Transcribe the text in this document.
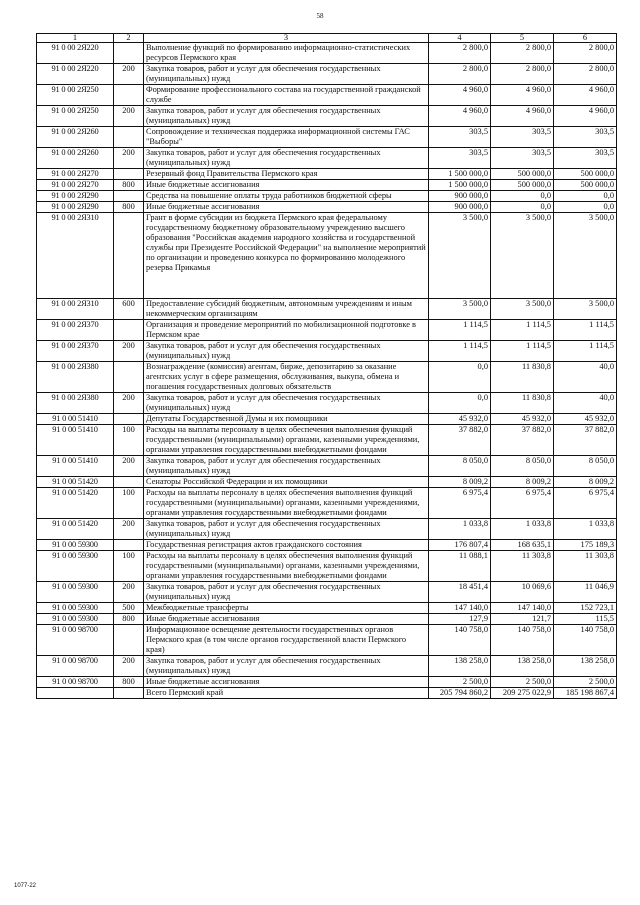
58
1	2	3	4	5	6
91 0 00 2Я220		Выполнение функций по формированию информационно-статистических ресурсов Пермского края	2 800,0	2 800,0	2 800,0
91 0 00 2Я220	200	Закупка товаров, работ и услуг для обеспечения государственных (муниципальных) нужд	2 800,0	2 800,0	2 800,0
91 0 00 2Я250		Формирование профессионального состава на государственной гражданской службе	4 960,0	4 960,0	4 960,0
91 0 00 2Я250	200	Закупка товаров, работ и услуг для обеспечения государственных (муниципальных) нужд	4 960,0	4 960,0	4 960,0
91 0 00 2Я260		Сопровождение и техническая поддержка информационной системы ГАС "Выборы"	303,5	303,5	303,5
91 0 00 2Я260	200	Закупка товаров, работ и услуг для обеспечения государственных (муниципальных) нужд	303,5	303,5	303,5
91 0 00 2Я270		Резервный фонд Правительства Пермского края	1 500 000,0	500 000,0	500 000,0
91 0 00 2Я270	800	Иные бюджетные ассигнования	1 500 000,0	500 000,0	500 000,0
91 0 00 2Я290		Средства на повышение оплаты труда работников бюджетной сферы	900 000,0	0,0	0,0
91 0 00 2Я290	800	Иные бюджетные ассигнования	900 000,0	0,0	0,0
91 0 00 2Я310		Грант в форме субсидии из бюджета Пермского края федеральному государственному бюджетному образовательному учреждению высшего образования "Российская академия народного хозяйства и государственной службы при Президенте Российской Федерации" на выполнение мероприятий по организации и проведению конкурса по формированию молодежного резерва Прикамья	3 500,0	3 500,0	3 500,0
91 0 00 2Я310	600	Предоставление субсидий бюджетным, автономным учреждениям и иным некоммерческим организациям	3 500,0	3 500,0	3 500,0
91 0 00 2Я370		Организация и проведение мероприятий по мобилизационной подготовке в Пермском крае	1 114,5	1 114,5	1 114,5
91 0 00 2Я370	200	Закупка товаров, работ и услуг для обеспечения государственных (муниципальных) нужд	1 114,5	1 114,5	1 114,5
91 0 00 2Я380		Вознаграждение (комиссия) агентам, бирже, депозитарию за оказание агентских услуг в сфере размещения, обслуживания, выкупа, обмена и погашения государственных долговых обязательств	0,0	11 830,8	40,0
91 0 00 2Я380	200	Закупка товаров, работ и услуг для обеспечения государственных (муниципальных) нужд	0,0	11 830,8	40,0
91 0 00 51410		Депутаты Государственной Думы и их помощники	45 932,0	45 932,0	45 932,0
91 0 00 51410	100	Расходы на выплаты персоналу в целях обеспечения выполнения функций государственными (муниципальными) органами, казенными учреждениями, органами управления государственными внебюджетными фондами	37 882,0	37 882,0	37 882,0
91 0 00 51410	200	Закупка товаров, работ и услуг для обеспечения государственных (муниципальных) нужд	8 050,0	8 050,0	8 050,0
91 0 00 51420		Сенаторы Российской Федерации и их помощники	8 009,2	8 009,2	8 009,2
91 0 00 51420	100	Расходы на выплаты персоналу в целях обеспечения выполнения функций государственными (муниципальными) органами, казенными учреждениями, органами управления государственными внебюджетными фондами	6 975,4	6 975,4	6 975,4
91 0 00 51420	200	Закупка товаров, работ и услуг для обеспечения государственных (муниципальных) нужд	1 033,8	1 033,8	1 033,8
91 0 00 59300		Государственная регистрация актов гражданского состояния	176 807,4	168 635,1	175 189,3
91 0 00 59300	100	Расходы на выплаты персоналу в целях обеспечения выполнения функций государственными (муниципальными) органами, казенными учреждениями, органами управления государственными внебюджетными фондами	11 088,1	11 303,8	11 303,8
91 0 00 59300	200	Закупка товаров, работ и услуг для обеспечения государственных (муниципальных) нужд	18 451,4	10 069,6	11 046,9
91 0 00 59300	500	Межбюджетные трансферты	147 140,0	147 140,0	152 723,1
91 0 00 59300	800	Иные бюджетные ассигнования	127,9	121,7	115,5
91 0 00 98700		Информационное освещение деятельности государственных органов Пермского края (в том числе органов государственной власти Пермского края)	140 758,0	140 758,0	140 758,0
91 0 00 98700	200	Закупка товаров, работ и услуг для обеспечения государственных (муниципальных) нужд	138 258,0	138 258,0	138 258,0
91 0 00 98700	800	Иные бюджетные ассигнования	2 500,0	2 500,0	2 500,0
		Всего Пермский край	205 794 860,2	209 275 022,9	185 198 867,4
1077-22
